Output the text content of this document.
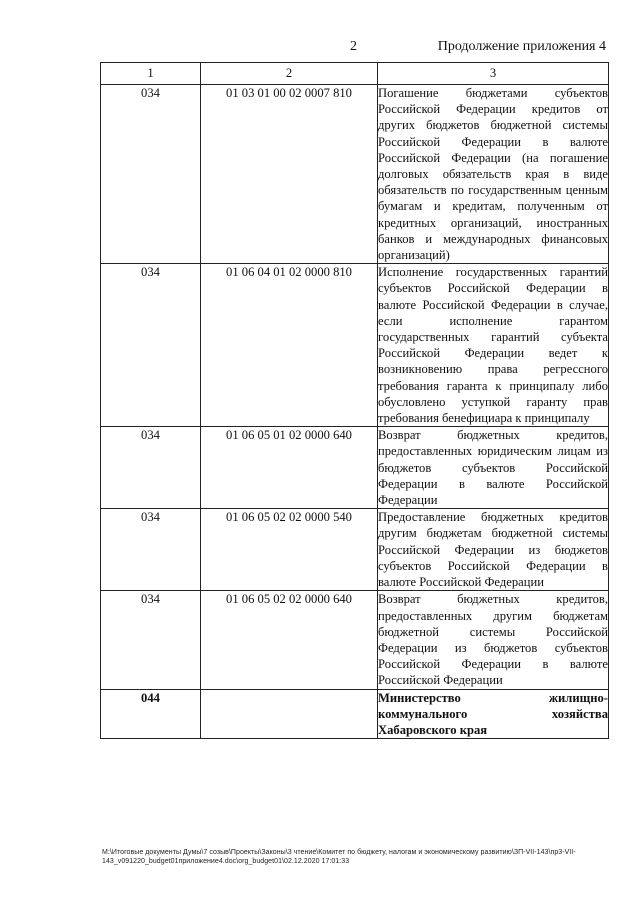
2	Продолжение приложения 4
1	2	3
034	01 03 01 00 02 0007 810	Погашение бюджетами субъектов Российской Федерации кредитов от других бюджетов бюджетной системы Российской Федерации в валюте Российской Федерации (на погашение долговых обязательств края в виде обязательств по государственным ценным бумагам и кредитам, полученным от кредитных организаций, иностранных банков и международных финансовых организаций)
034	01 06 04 01 02 0000 810	Исполнение государственных гарантий субъектов Российской Федерации в валюте Российской Федерации в случае, если исполнение гарантом государственных гарантий субъекта Российской Федерации ведет к возникновению права регрессного требования гаранта к принципалу либо обусловлено уступкой гаранту прав требования бенефициара к принципалу
034	01 06 05 01 02 0000 640	Возврат бюджетных кредитов, предоставленных юридическим лицам из бюджетов субъектов Российской Федерации в валюте Российской Федерации
034	01 06 05 02 02 0000 540	Предоставление бюджетных кредитов другим бюджетам бюджетной системы Российской Федерации из бюджетов субъектов Российской Федерации в валюте Российской Федерации
034	01 06 05 02 02 0000 640	Возврат бюджетных кредитов, предоставленных другим бюджетам бюджетной системы Российской Федерации из бюджетов субъектов Российской Федерации в валюте Российской Федерации
044		Министерство жилищно-коммунального хозяйства Хабаровского края
M:\Итоговые документы Думы\7 созыв\Проекты\Законы\3 чтение\Комитет по бюджету, налогам и экономическому развитию\ЗП-VII-143\пр3-VII-143_v091220_budget01приложение4.doc\org_budget01\02.12.2020 17:01:33
